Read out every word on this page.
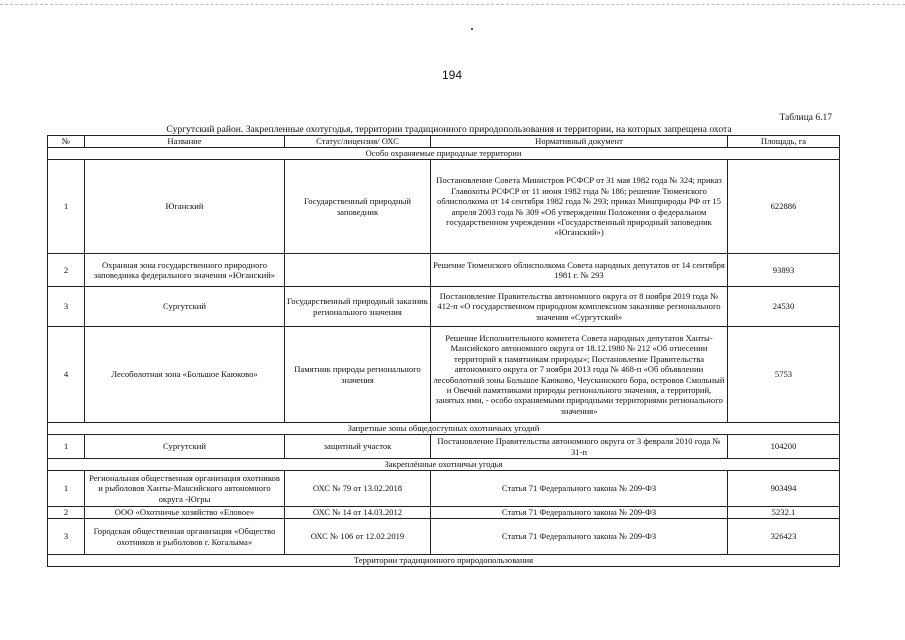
194
Таблица 6.17
Сургутский район. Закрепленные охотугодья, территории традиционного природопользования и территории, на которых запрещена охота
№	Название	Статус/лицензия/ ОХС	Нормативный документ	Площадь, га
Особо охраняемые природные территории				
1	Юганский	Государственный природный заповедник	Постановление Совета Министров РСФСР от 31 мая 1982 года № 324; приказ Главохоты РСФСР от 11 июня 1982 года № 186; решение Тюменского облисполкома от 14 сентября 1982 года № 293; приказ Минприроды РФ от 15 апреля 2003 года № 309 «Об утверждении Положения о федеральном государственном учреждении «Государственный природный заповедник «Юганский»)	622886
2	Охранная зона государственного природного заповедника федерального значения «Юганский»		Решение Тюменского облисполкома Совета народных депутатов от 14 сентября 1981 г. № 293	93893
3	Сургутский	Государственный природный заказник регионального значения	Постановление Правительства автономного округа от 8 ноября 2019 года № 412-п «О государственном природном комплексном заказнике регионального значения «Сургутский»	24530
4	Лесоболотная зона «Большое Каюково»	Памятник природы регионального значения	Решение Исполнительного комитета Совета народных депутатов Ханты-Мансийского автономного округа от 18.12.1980 № 212 «Об отнесении территорий к памятникам природы»; Постановление Правительства автономного округа от 7 ноября 2013 года № 468-п «Об объявлении лесоболотной зоны Большое Каюково, Чеускинского бора, островов Смольный и Овечий памятниками природы регионального значения, а территорий, занятых ими, - особо охраняемыми природными территориями регионального значения»	5753
Запретные зоны общедоступных охотничьих угодий				
1	Сургутский	защитный участок	Постановление Правительства автономного округа от 3 февраля 2010 года № 31-п	104200
Закреплённые охотничьи угодья				
1	Региональная общественная организация охотников и рыболовов Ханты-Мансийского автономного округа -Югры	ОХС № 79 от 13.02.2018	Статья 71 Федерального закона № 209-ФЗ	903494
2	ООО «Охотничье хозяйство «Еловое»	ОХС № 14 от 14.03.2012	Статья 71 Федерального закона № 209-ФЗ	5232.1
3	Городская общественная организация «Общество охотников и рыболовов г. Когалыма»	ОХС № 106 от 12.02.2019	Статья 71 Федерального закона № 209-ФЗ	326423
Территории традиционного природопользования				
